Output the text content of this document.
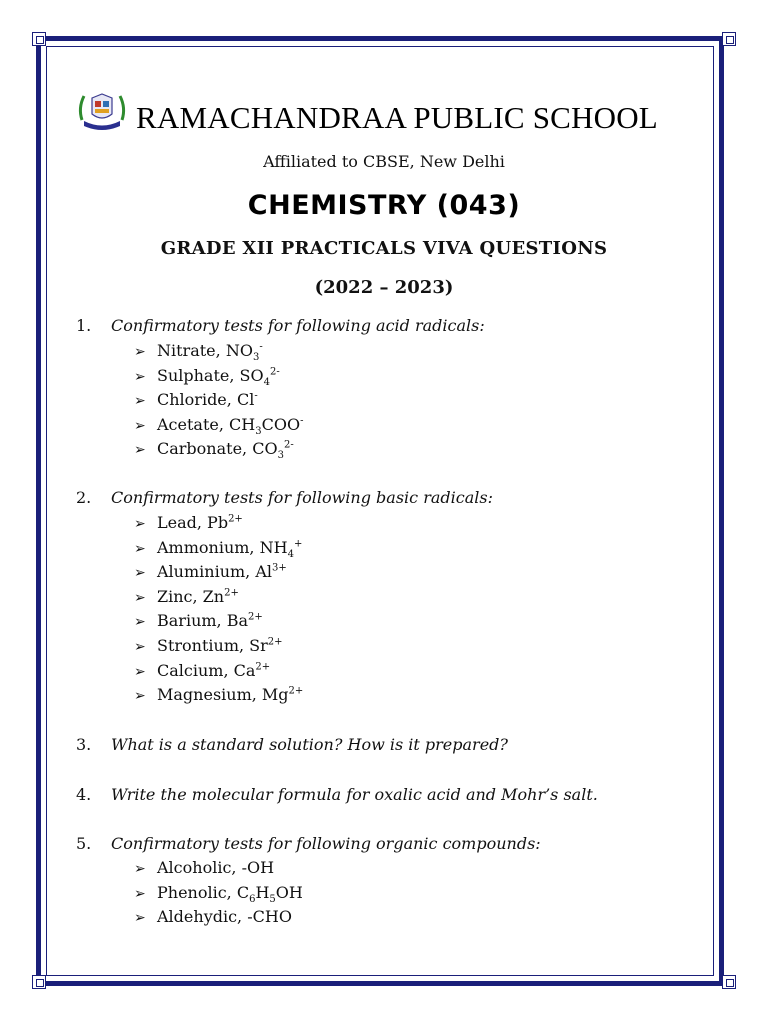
RAMACHANDRAA PUBLIC SCHOOL
Affiliated to CBSE, New Delhi
CHEMISTRY (043)
GRADE XII PRACTICALS VIVA QUESTIONS
(2022 – 2023)
1.	Confirmatory tests for following acid radicals:
➢ Nitrate, $NO_3^-$
➢ Sulphate, $SO_4^{2-}$
➢ Chloride, Cl-
➢ Acetate, $CH_3COO^-$
➢ Carbonate, $CO_3^{2-}$
2.	Confirmatory tests for following basic radicals:
➢ Lead, $Pb^{2+}$
➢ Ammonium, $NH_4^+$
➢ Aluminium, $Al^{3+}$
➢ Zinc, $Zn^{2+}$
➢ Barium, $Ba^{2+}$
➢ Strontium, $Sr^{2+}$
➢ Calcium, $Ca^{2+}$
➢ Magnesium, $Mg^{2+}$
3.	What is a standard solution? How is it prepared?
4.	Write the molecular formula for oxalic acid and Mohr’s salt.
5.	Confirmatory tests for following organic compounds:
➢ Alcoholic, -OH
➢ Phenolic, $C_6H_5OH$
➢ Aldehydic, -CHO
